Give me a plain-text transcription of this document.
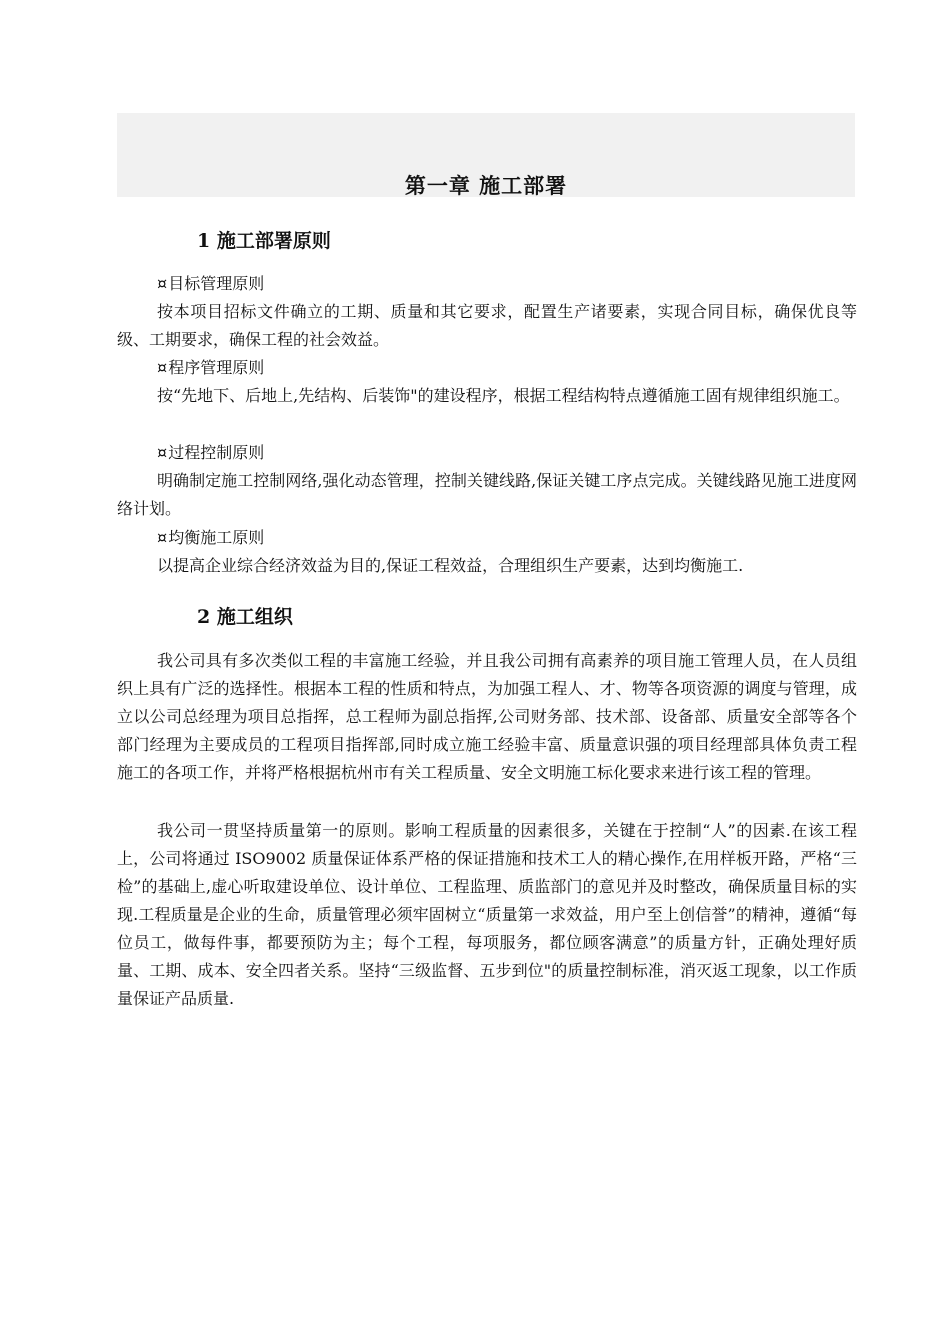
第一章 施工部署
1 施工部署原则

¤目标管理原则

按本项目招标文件确立的工期、质量和其它要求，配置生产诸要素，实现合同目标，确保优良等级、工期要求，确保工程的社会效益。

¤程序管理原则

按“先地下、后地上,先结构、后装饰"的建设程序，根据工程结构特点遵循施工固有规律组织施工。

¤过程控制原则

明确制定施工控制网络,强化动态管理，控制关键线路,保证关键工序点完成。关键线路见施工进度网络计划。

¤均衡施工原则

以提高企业综合经济效益为目的,保证工程效益，合理组织生产要素，达到均衡施工.

2 施工组织

我公司具有多次类似工程的丰富施工经验，并且我公司拥有高素养的项目施工管理人员，在人员组织上具有广泛的选择性。根据本工程的性质和特点，为加强工程人、才、物等各项资源的调度与管理，成立以公司总经理为项目总指挥，总工程师为副总指挥,公司财务部、技术部、设备部、质量安全部等各个部门经理为主要成员的工程项目指挥部,同时成立施工经验丰富、质量意识强的项目经理部具体负责工程施工的各项工作，并将严格根据杭州市有关工程质量、安全文明施工标化要求来进行该工程的管理。

我公司一贯坚持质量第一的原则。影响工程质量的因素很多，关键在于控制“人”的因素.在该工程上，公司将通过 ISO9002 质量保证体系严格的保证措施和技术工人的精心操作,在用样板开路，严格“三检”的基础上,虚心听取建设单位、设计单位、工程监理、质监部门的意见并及时整改，确保质量目标的实现.工程质量是企业的生命，质量管理必须牢固树立“质量第一求效益，用户至上创信誉”的精神，遵循“每位员工，做每件事，都要预防为主；每个工程，每项服务，都位顾客满意”的质量方针，正确处理好质量、工期、成本、安全四者关系。坚持“三级监督、五步到位"的质量控制标准，消灭返工现象，以工作质量保证产品质量.
